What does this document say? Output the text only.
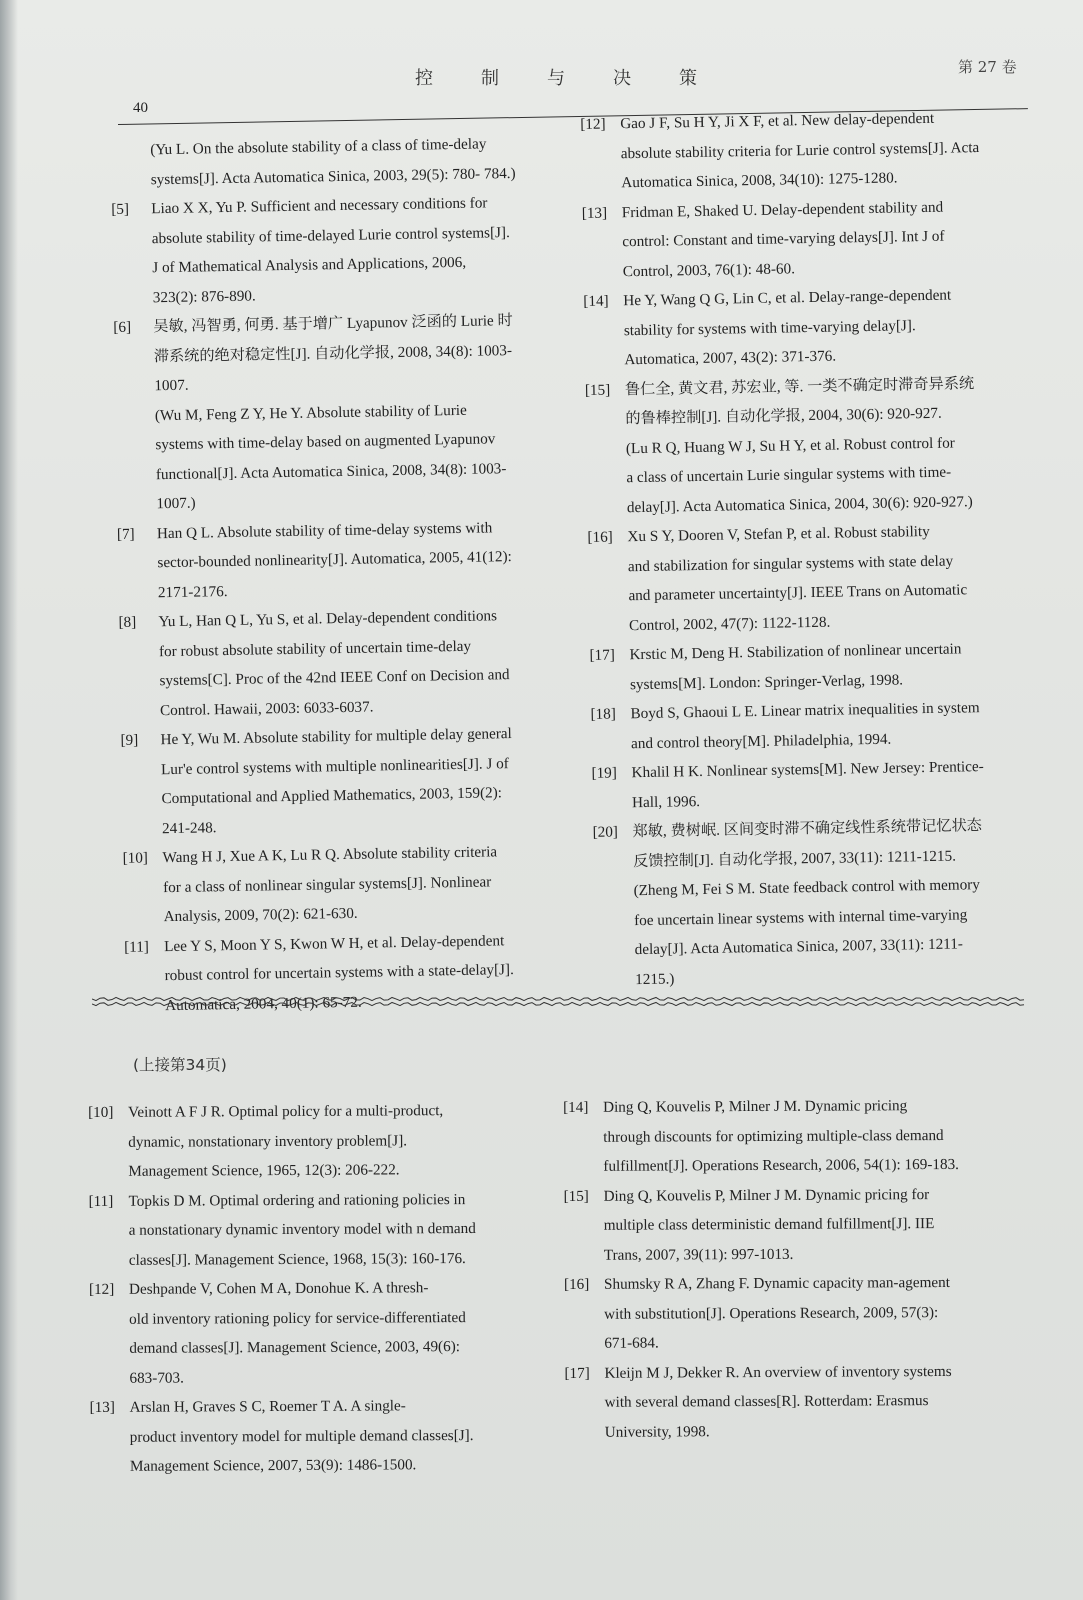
40
控制与决策
第 27 卷
(Yu L. On the absolute stability of a class of time-delay systems[J]. Acta Automatica Sinica, 2003, 29(5): 780- 784.)
[5] Liao X X, Yu P. Sufficient and necessary conditions for
absolute stability of time-delayed Lurie control systems[J].
J of Mathematical Analysis and Applications, 2006,
323(2): 876-890.
[6] 吴敏, 冯智勇, 何勇. 基于增广 Lyapunov 泛函的 Lurie 时
滞系统的绝对稳定性[J]. 自动化学报, 2008, 34(8): 1003-
1007.
(Wu M, Feng Z Y, He Y. Absolute stability of Lurie
systems with time-delay based on augmented Lyapunov
functional[J]. Acta Automatica Sinica, 2008, 34(8): 1003-
1007.)
[7] Han Q L. Absolute stability of time-delay systems with
sector-bounded nonlinearity[J]. Automatica, 2005, 41(12):
2171-2176.
[8] Yu L, Han Q L, Yu S, et al. Delay-dependent conditions
for robust absolute stability of uncertain time-delay
systems[C]. Proc of the 42nd IEEE Conf on Decision and
Control. Hawaii, 2003: 6033-6037.
[9] He Y, Wu M. Absolute stability for multiple delay general
Lur'e control systems with multiple nonlinearities[J]. J of
Computational and Applied Mathematics, 2003, 159(2):
241-248.
[10] Wang H J, Xue A K, Lu R Q. Absolute stability criteria
for a class of nonlinear singular systems[J]. Nonlinear
Analysis, 2009, 70(2): 621-630.
[11] Lee Y S, Moon Y S, Kwon W H, et al. Delay-dependent
robust control for uncertain systems with a state-delay[J].
Automatica, 2004, 40(1): 65-72.
[12] Gao J F, Su H Y, Ji X F, et al. New delay-dependent
absolute stability criteria for Lurie control systems[J]. Acta
Automatica Sinica, 2008, 34(10): 1275-1280.
[13] Fridman E, Shaked U. Delay-dependent stability and
control: Constant and time-varying delays[J]. Int J of
Control, 2003, 76(1): 48-60.
[14] He Y, Wang Q G, Lin C, et al. Delay-range-dependent
stability for systems with time-varying delay[J].
Automatica, 2007, 43(2): 371-376.
[15] 鲁仁全, 黄文君, 苏宏业, 等. 一类不确定时滞奇异系统
的鲁棒控制[J]. 自动化学报, 2004, 30(6): 920-927.
(Lu R Q, Huang W J, Su H Y, et al. Robust control for
a class of uncertain Lurie singular systems with time-
delay[J]. Acta Automatica Sinica, 2004, 30(6): 920-927.)
[16] Xu S Y, Dooren V, Stefan P, et al. Robust stability
and stabilization for singular systems with state delay
and parameter uncertainty[J]. IEEE Trans on Automatic
Control, 2002, 47(7): 1122-1128.
[17] Krstic M, Deng H. Stabilization of nonlinear uncertain
systems[M]. London: Springer-Verlag, 1998.
[18] Boyd S, Ghaoui L E. Linear matrix inequalities in system
and control theory[M]. Philadelphia, 1994.
[19] Khalil H K. Nonlinear systems[M]. New Jersey: Prentice-
Hall, 1996.
[20] 郑敏, 费树岷. 区间变时滞不确定线性系统带记忆状态
反馈控制[J]. 自动化学报, 2007, 33(11): 1211-1215.
(Zheng M, Fei S M. State feedback control with memory
foe uncertain linear systems with internal time-varying
delay[J]. Acta Automatica Sinica, 2007, 33(11): 1211-
1215.)
(上接第34页)
[10] Veinott A F J R. Optimal policy for a multi-product,
dynamic, nonstationary inventory problem[J].
Management Science, 1965, 12(3): 206-222.
[11] Topkis D M. Optimal ordering and rationing policies in
a nonstationary dynamic inventory model with n demand
classes[J]. Management Science, 1968, 15(3): 160-176.
[12] Deshpande V, Cohen M A, Donohue K. A thresh-
old inventory rationing policy for service-differentiated
demand classes[J]. Management Science, 2003, 49(6):
683-703.
[13] Arslan H, Graves S C, Roemer T A. A single-
product inventory model for multiple demand classes[J].
Management Science, 2007, 53(9): 1486-1500.
[14] Ding Q, Kouvelis P, Milner J M. Dynamic pricing
through discounts for optimizing multiple-class demand
fulfillment[J]. Operations Research, 2006, 54(1): 169-183.
[15] Ding Q, Kouvelis P, Milner J M. Dynamic pricing for
multiple class deterministic demand fulfillment[J]. IIE
Trans, 2007, 39(11): 997-1013.
[16] Shumsky R A, Zhang F. Dynamic capacity man-agement
with substitution[J]. Operations Research, 2009, 57(3):
671-684.
[17] Kleijn M J, Dekker R. An overview of inventory systems
with several demand classes[R]. Rotterdam: Erasmus
University, 1998.
